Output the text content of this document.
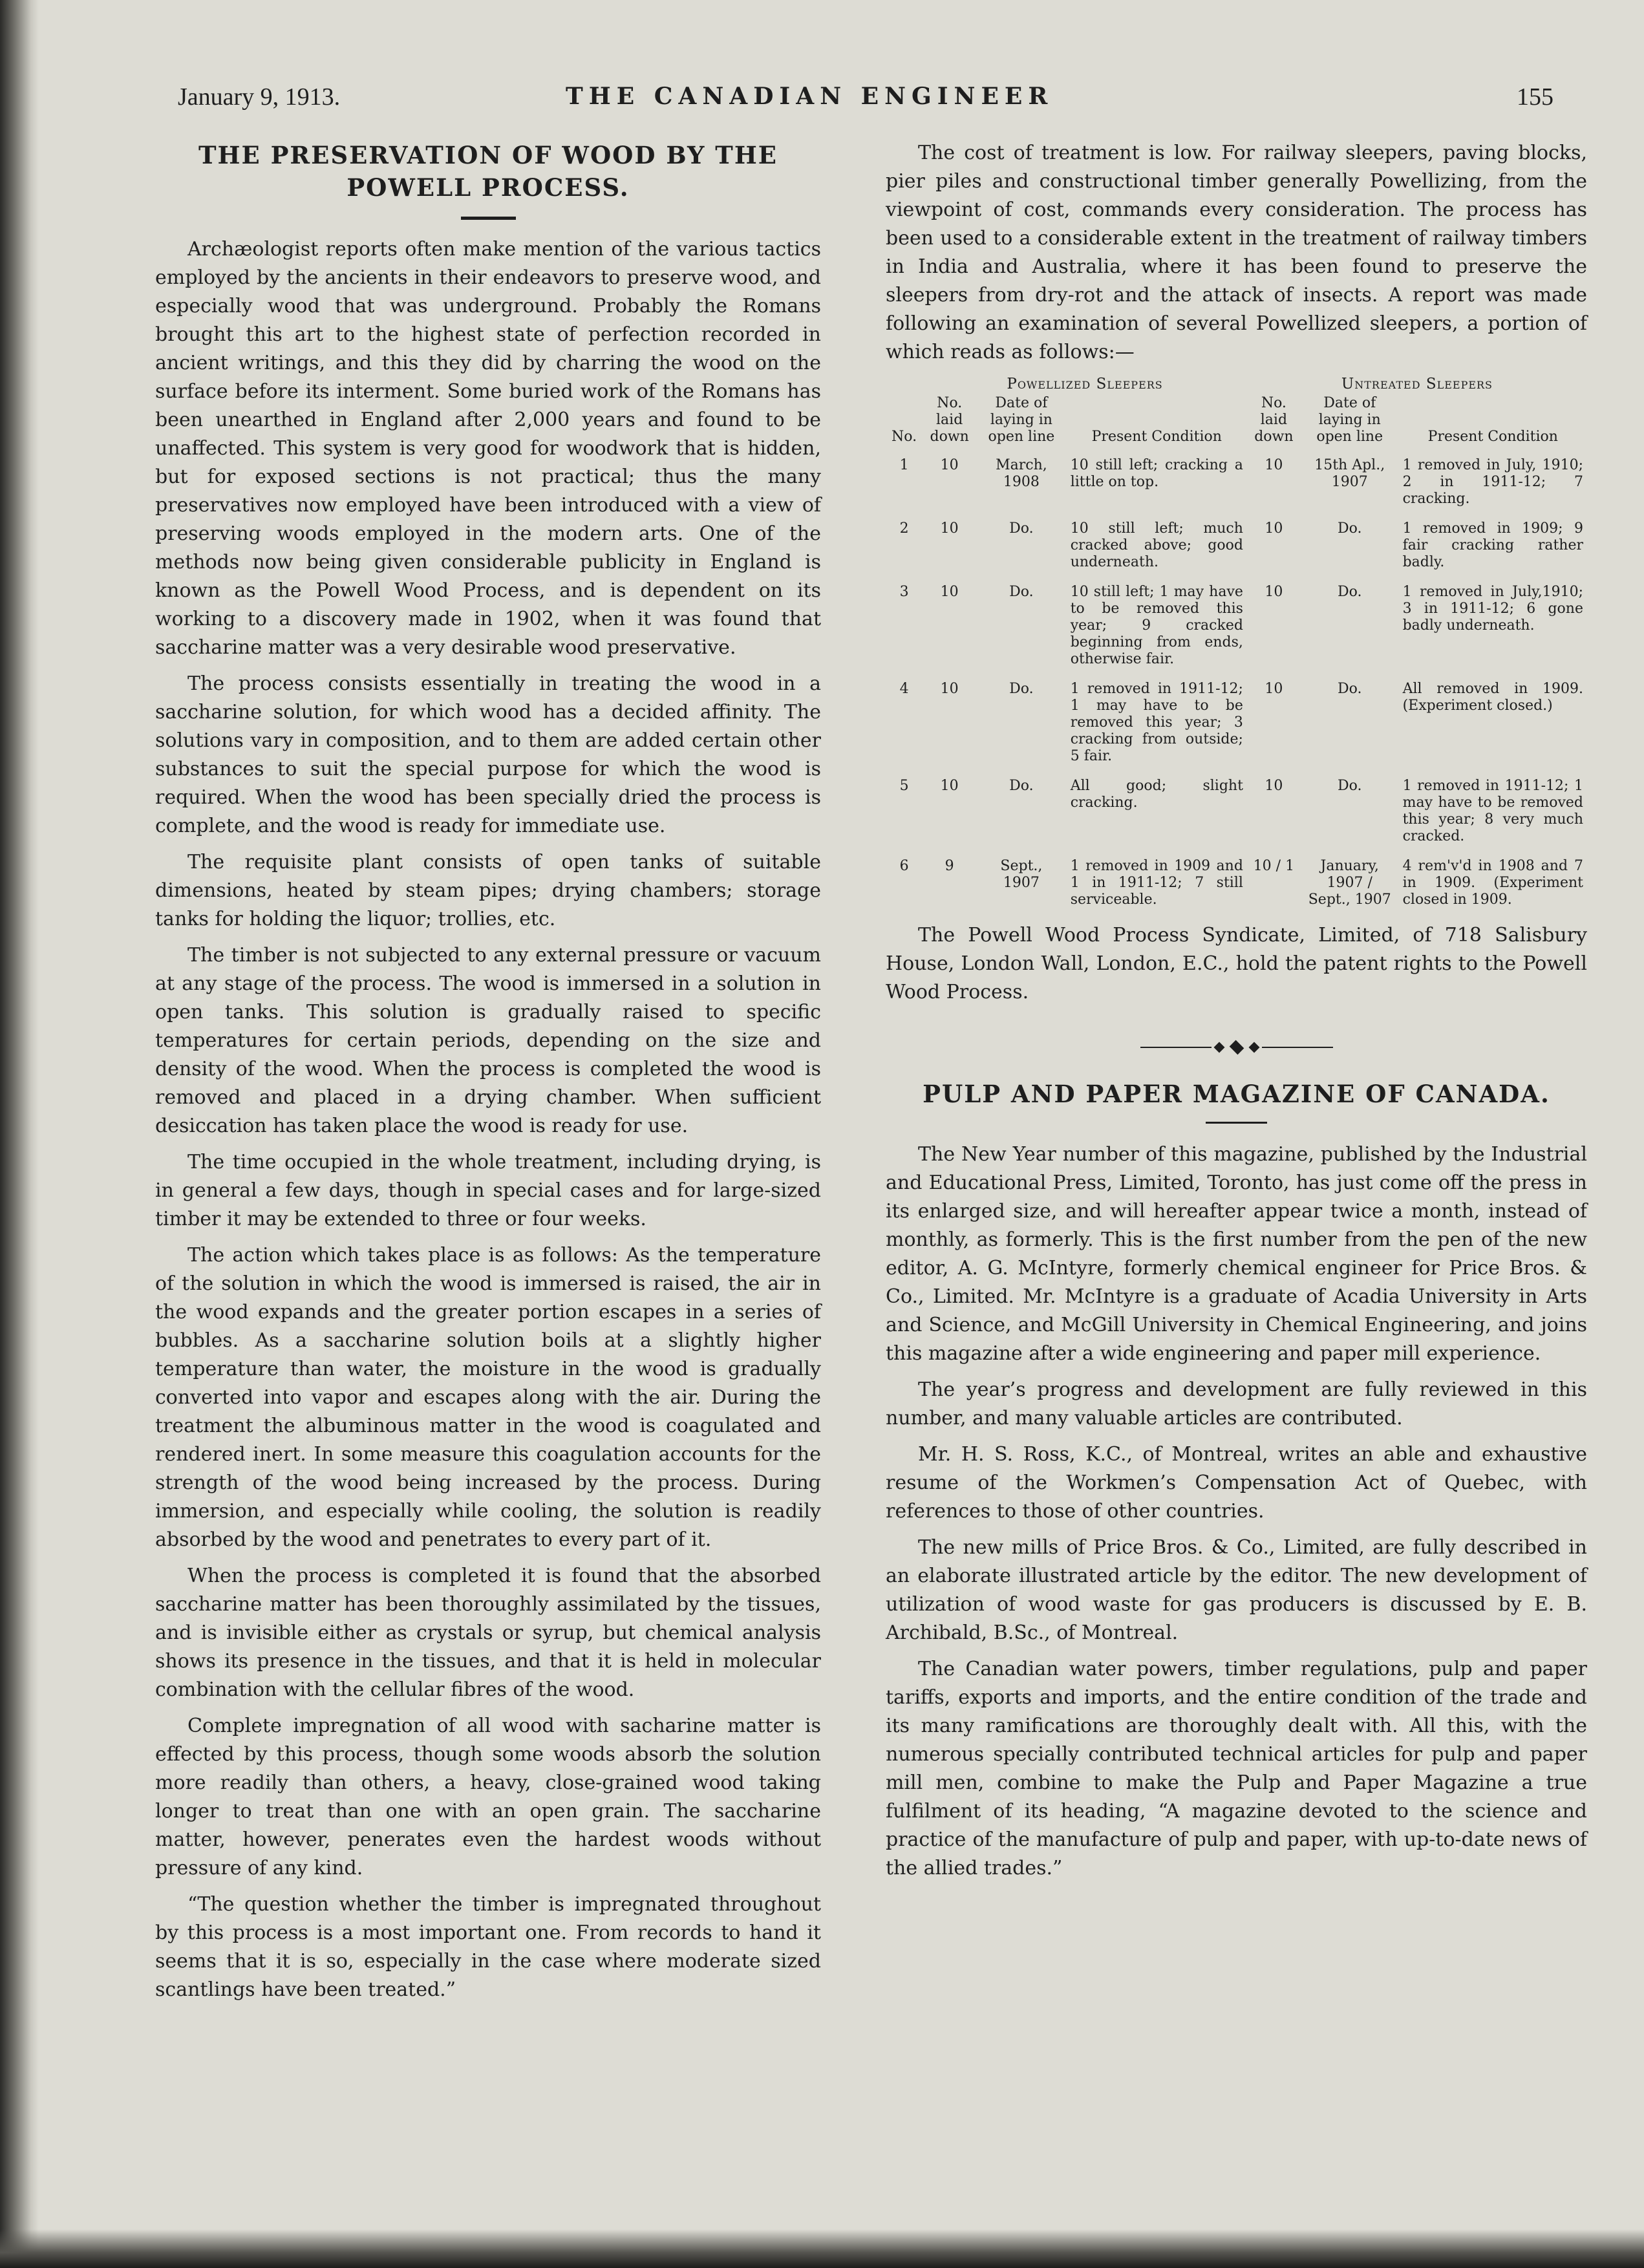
January 9, 1913.	THE CANADIAN ENGINEER	155
THE PRESERVATION OF WOOD BY THE
POWELL PROCESS.

Archæologist reports often make mention of the various tactics employed by the ancients in their endeavors to preserve wood, and especially wood that was underground. Probably the Romans brought this art to the highest state of perfection recorded in ancient writings, and this they did by charring the wood on the surface before its interment. Some buried work of the Romans has been unearthed in England after 2,000 years and found to be unaffected. This system is very good for woodwork that is hidden, but for exposed sections is not practical; thus the many preservatives now employed have been introduced with a view of preserving woods employed in the modern arts. One of the methods now being given considerable publicity in England is known as the Powell Wood Process, and is dependent on its working to a discovery made in 1902, when it was found that saccharine matter was a very desirable wood preservative.

The process consists essentially in treating the wood in a saccharine solution, for which wood has a decided affinity. The solutions vary in composition, and to them are added certain other substances to suit the special purpose for which the wood is required. When the wood has been specially dried the process is complete, and the wood is ready for immediate use.

The requisite plant consists of open tanks of suitable dimensions, heated by steam pipes; drying chambers; storage tanks for holding the liquor; trollies, etc.

The timber is not subjected to any external pressure or vacuum at any stage of the process. The wood is immersed in a solution in open tanks. This solution is gradually raised to specific temperatures for certain periods, depending on the size and density of the wood. When the process is completed the wood is removed and placed in a drying chamber. When sufficient desiccation has taken place the wood is ready for use.

The time occupied in the whole treatment, including drying, is in general a few days, though in special cases and for large-sized timber it may be extended to three or four weeks.

The action which takes place is as follows: As the temperature of the solution in which the wood is immersed is raised, the air in the wood expands and the greater portion escapes in a series of bubbles. As a saccharine solution boils at a slightly higher temperature than water, the moisture in the wood is gradually converted into vapor and escapes along with the air. During the treatment the albuminous matter in the wood is coagulated and rendered inert. In some measure this coagulation accounts for the strength of the wood being increased by the process. During immersion, and especially while cooling, the solution is readily absorbed by the wood and penetrates to every part of it.

When the process is completed it is found that the absorbed saccharine matter has been thoroughly assimilated by the tissues, and is invisible either as crystals or syrup, but chemical analysis shows its presence in the tissues, and that it is held in molecular combination with the cellular fibres of the wood.

Complete impregnation of all wood with sacharine matter is effected by this process, though some woods absorb the solution more readily than others, a heavy, close-grained wood taking longer to treat than one with an open grain. The saccharine matter, however, penerates even the hardest woods without pressure of any kind.

“The question whether the timber is impregnated throughout by this process is a most important one. From records to hand it seems that it is so, especially in the case where moderate sized scantlings have been treated.”

The cost of treatment is low. For railway sleepers, paving blocks, pier piles and constructional timber generally Powellizing, from the viewpoint of cost, commands every consideration. The process has been used to a considerable extent in the treatment of railway timbers in India and Australia, where it has been found to preserve the sleepers from dry-rot and the attack of insects. A report was made following an examination of several Powellized sleepers, a portion of which reads as follows:—

	Powellized Sleepers			Untreated Sleepers		
No.	No. laid down	Date of laying in open line	Present Condition	No. laid down	Date of laying in open line	Present Condition
1	10	March, 1908	10 still left; cracking a little on top.	10	15th Apl., 1907	1 removed in July, 1910; 2 in 1911-12; 7 cracking.
2	10	Do.	10 still left; much cracked above; good underneath.	10	Do.	1 removed in 1909; 9 fair cracking rather badly.
3	10	Do.	10 still left; 1 may have to be removed this year; 9 cracked beginning from ends, otherwise fair.	10	Do.	1 removed in July,1910; 3 in 1911-12; 6 gone badly underneath.
4	10	Do.	1 removed in 1911-12; 1 may have to be removed this year; 3 cracking from outside; 5 fair.	10	Do.	All removed in 1909. (Experiment closed.)
5	10	Do.	All good; slight cracking.	10	Do.	1 removed in 1911-12; 1 may have to be removed this year; 8 very much cracked.
6	9	Sept., 1907	1 removed in 1909 and 1 in 1911-12; 7 still serviceable.	10 / 1	January, 1907 / Sept., 1907	4 rem'v'd in 1908 and 7 in 1909. (Experiment closed in 1909.

The Powell Wood Process Syndicate, Limited, of 718 Salisbury House, London Wall, London, E.C., hold the patent rights to the Powell Wood Process.

PULP AND PAPER MAGAZINE OF CANADA.

The New Year number of this magazine, published by the Industrial and Educational Press, Limited, Toronto, has just come off the press in its enlarged size, and will hereafter appear twice a month, instead of monthly, as formerly. This is the first number from the pen of the new editor, A. G. McIntyre, formerly chemical engineer for Price Bros. & Co., Limited. Mr. McIntyre is a graduate of Acadia University in Arts and Science, and McGill University in Chemical Engineering, and joins this magazine after a wide engineering and paper mill experience.

The year’s progress and development are fully reviewed in this number, and many valuable articles are contributed.

Mr. H. S. Ross, K.C., of Montreal, writes an able and exhaustive resume of the Workmen’s Compensation Act of Quebec, with references to those of other countries.

The new mills of Price Bros. & Co., Limited, are fully described in an elaborate illustrated article by the editor. The new development of utilization of wood waste for gas producers is discussed by E. B. Archibald, B.Sc., of Montreal.

The Canadian water powers, timber regulations, pulp and paper tariffs, exports and imports, and the entire condition of the trade and its many ramifications are thoroughly dealt with. All this, with the numerous specially contributed technical articles for pulp and paper mill men, combine to make the Pulp and Paper Magazine a true fulfilment of its heading, “A magazine devoted to the science and practice of the manufacture of pulp and paper, with up-to-date news of the allied trades.”
